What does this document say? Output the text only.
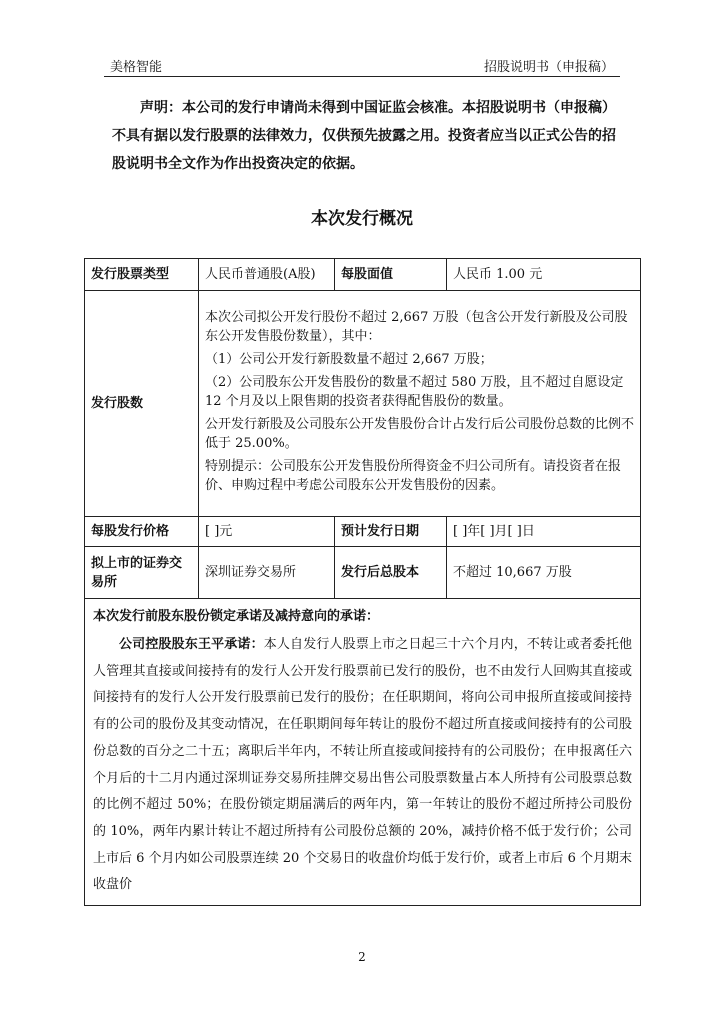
美格智能	招股说明书（申报稿）
声明：本公司的发行申请尚未得到中国证监会核准。本招股说明书（申报稿）不具有据以发行股票的法律效力，仅供预先披露之用。投资者应当以正式公告的招股说明书全文作为作出投资决定的依据。
本次发行概况
发行股票类型	人民币普通股(A股)	每股面值	人民币 1.00 元
发行股数	本次公司拟公开发行股份不超过 2,667 万股（包含公开发行新股及公司股东公开发售股份数量），其中：

（1）公司公开发行新股数量不超过 2,667 万股；

（2）公司股东公开发售股份的数量不超过 580 万股，且不超过自愿设定 12 个月及以上限售期的投资者获得配售股份的数量。

公开发行新股及公司股东公开发售股份合计占发行后公司股份总数的比例不低于 25.00%。

特别提示：公司股东公开发售股份所得资金不归公司所有。请投资者在报价、申购过程中考虑公司股东公开发售股份的因素。		

每股发行价格	[ ]元	预计发行日期	[ ]年[ ]月[ ]日
拟上市的证券交易所	深圳证券交易所	发行后总股本	不超过 10,667 万股

本次发行前股东股份锁定承诺及减持意向的承诺：
公司控股股东王平承诺：本人自发行人股票上市之日起三十六个月内，不转让或者委托他人管理其直接或间接持有的发行人公开发行股票前已发行的股份，也不由发行人回购其直接或间接持有的发行人公开发行股票前已发行的股份；在任职期间，将向公司申报所直接或间接持有的公司的股份及其变动情况，在任职期间每年转让的股份不超过所直接或间接持有的公司股份总数的百分之二十五；离职后半年内，不转让所直接或间接持有的公司股份；在申报离任六个月后的十二月内通过深圳证券交易所挂牌交易出售公司股票数量占本人所持有公司股票总数的比例不超过 50%；在股份锁定期届满后的两年内，第一年转让的股份不超过所持公司股份的 10%，两年内累计转让不超过所持有公司股份总额的 20%，减持价格不低于发行价；公司上市后 6 个月内如公司股票连续 20 个交易日的收盘价均低于发行价，或者上市后 6 个月期末收盘价			
2
